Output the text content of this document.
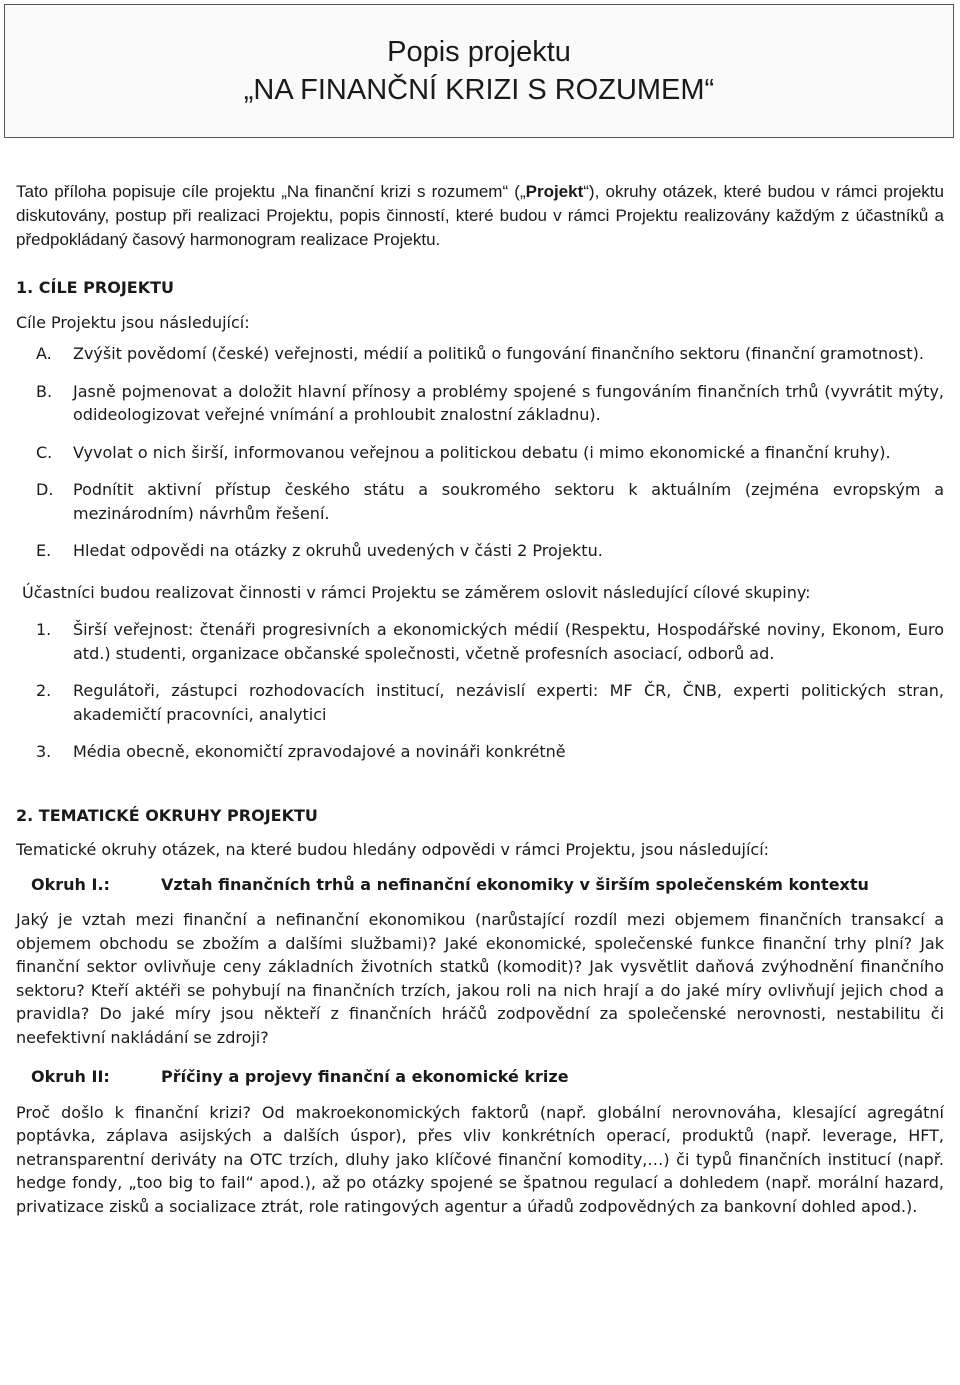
Popis projektu
„NA FINANČNÍ KRIZI S ROZUMEM“

Tato příloha popisuje cíle projektu „Na finanční krizi s rozumem“ („Projekt“), okruhy otázek, které budou v rámci projektu diskutovány, postup při realizaci Projektu, popis činností, které budou v rámci Projektu realizovány každým z účastníků a předpokládaný časový harmonogram realizace Projektu.

1. CÍLE PROJEKTU

Cíle Projektu jsou následující:

A. Zvýšit povědomí (české) veřejnosti, médií a politiků o fungování finančního sektoru (finanční gramotnost).
B. Jasně pojmenovat a doložit hlavní přínosy a problémy spojené s fungováním finančních trhů (vyvrátit mýty, odideologizovat veřejné vnímání a prohloubit znalostní základnu).
C. Vyvolat o nich širší, informovanou veřejnou a politickou debatu (i mimo ekonomické a finanční kruhy).
D. Podnítit aktivní přístup českého státu a soukromého sektoru k aktuálním (zejména evropským a mezinárodním) návrhům řešení.
E. Hledat odpovědi na otázky z okruhů uvedených v části 2 Projektu.

Účastníci budou realizovat činnosti v rámci Projektu se záměrem oslovit následující cílové skupiny:

1. Širší veřejnost: čtenáři progresivních a ekonomických médií (Respektu, Hospodářské noviny, Ekonom, Euro atd.) studenti, organizace občanské společnosti, včetně profesních asociací, odborů ad.
2. Regulátoři, zástupci rozhodovacích institucí, nezávislí experti: MF ČR, ČNB, experti politických stran, akademičtí pracovníci, analytici
3. Média obecně, ekonomičtí zpravodajové a novináři konkrétně

2. TEMATICKÉ OKRUHY PROJEKTU

Tematické okruhy otázek, na které budou hledány odpovědi v rámci Projektu, jsou následující:

Okruh I.:	Vztah finančních trhů a nefinanční ekonomiky v širším společenském kontextu

Jaký je vztah mezi finanční a nefinanční ekonomikou (narůstající rozdíl mezi objemem finančních transakcí a objemem obchodu se zbožím a dalšími službami)? Jaké ekonomické, společenské funkce finanční trhy plní? Jak finanční sektor ovlivňuje ceny základních životních statků (komodit)? Jak vysvětlit daňová zvýhodnění finančního sektoru? Kteří aktéři se pohybují na finančních trzích, jakou roli na nich hrají a do jaké míry ovlivňují jejich chod a pravidla? Do jaké míry jsou někteří z finančních hráčů zodpovědní za společenské nerovnosti, nestabilitu či neefektivní nakládání se zdroji?

Okruh II:	Příčiny a projevy finanční a ekonomické krize

Proč došlo k finanční krizi? Od makroekonomických faktorů (např. globální nerovnováha, klesající agregátní poptávka, záplava asijských a dalších úspor), přes vliv konkrétních operací, produktů (např. leverage, HFT, netransparentní deriváty na OTC trzích, dluhy jako klíčové finanční komodity,…) či typů finančních institucí (např. hedge fondy, „too big to fail“ apod.), až po otázky spojené se špatnou regulací a dohledem (např. morální hazard, privatizace zisků a socializace ztrát, role ratingových agentur a úřadů zodpovědných za bankovní dohled apod.).
